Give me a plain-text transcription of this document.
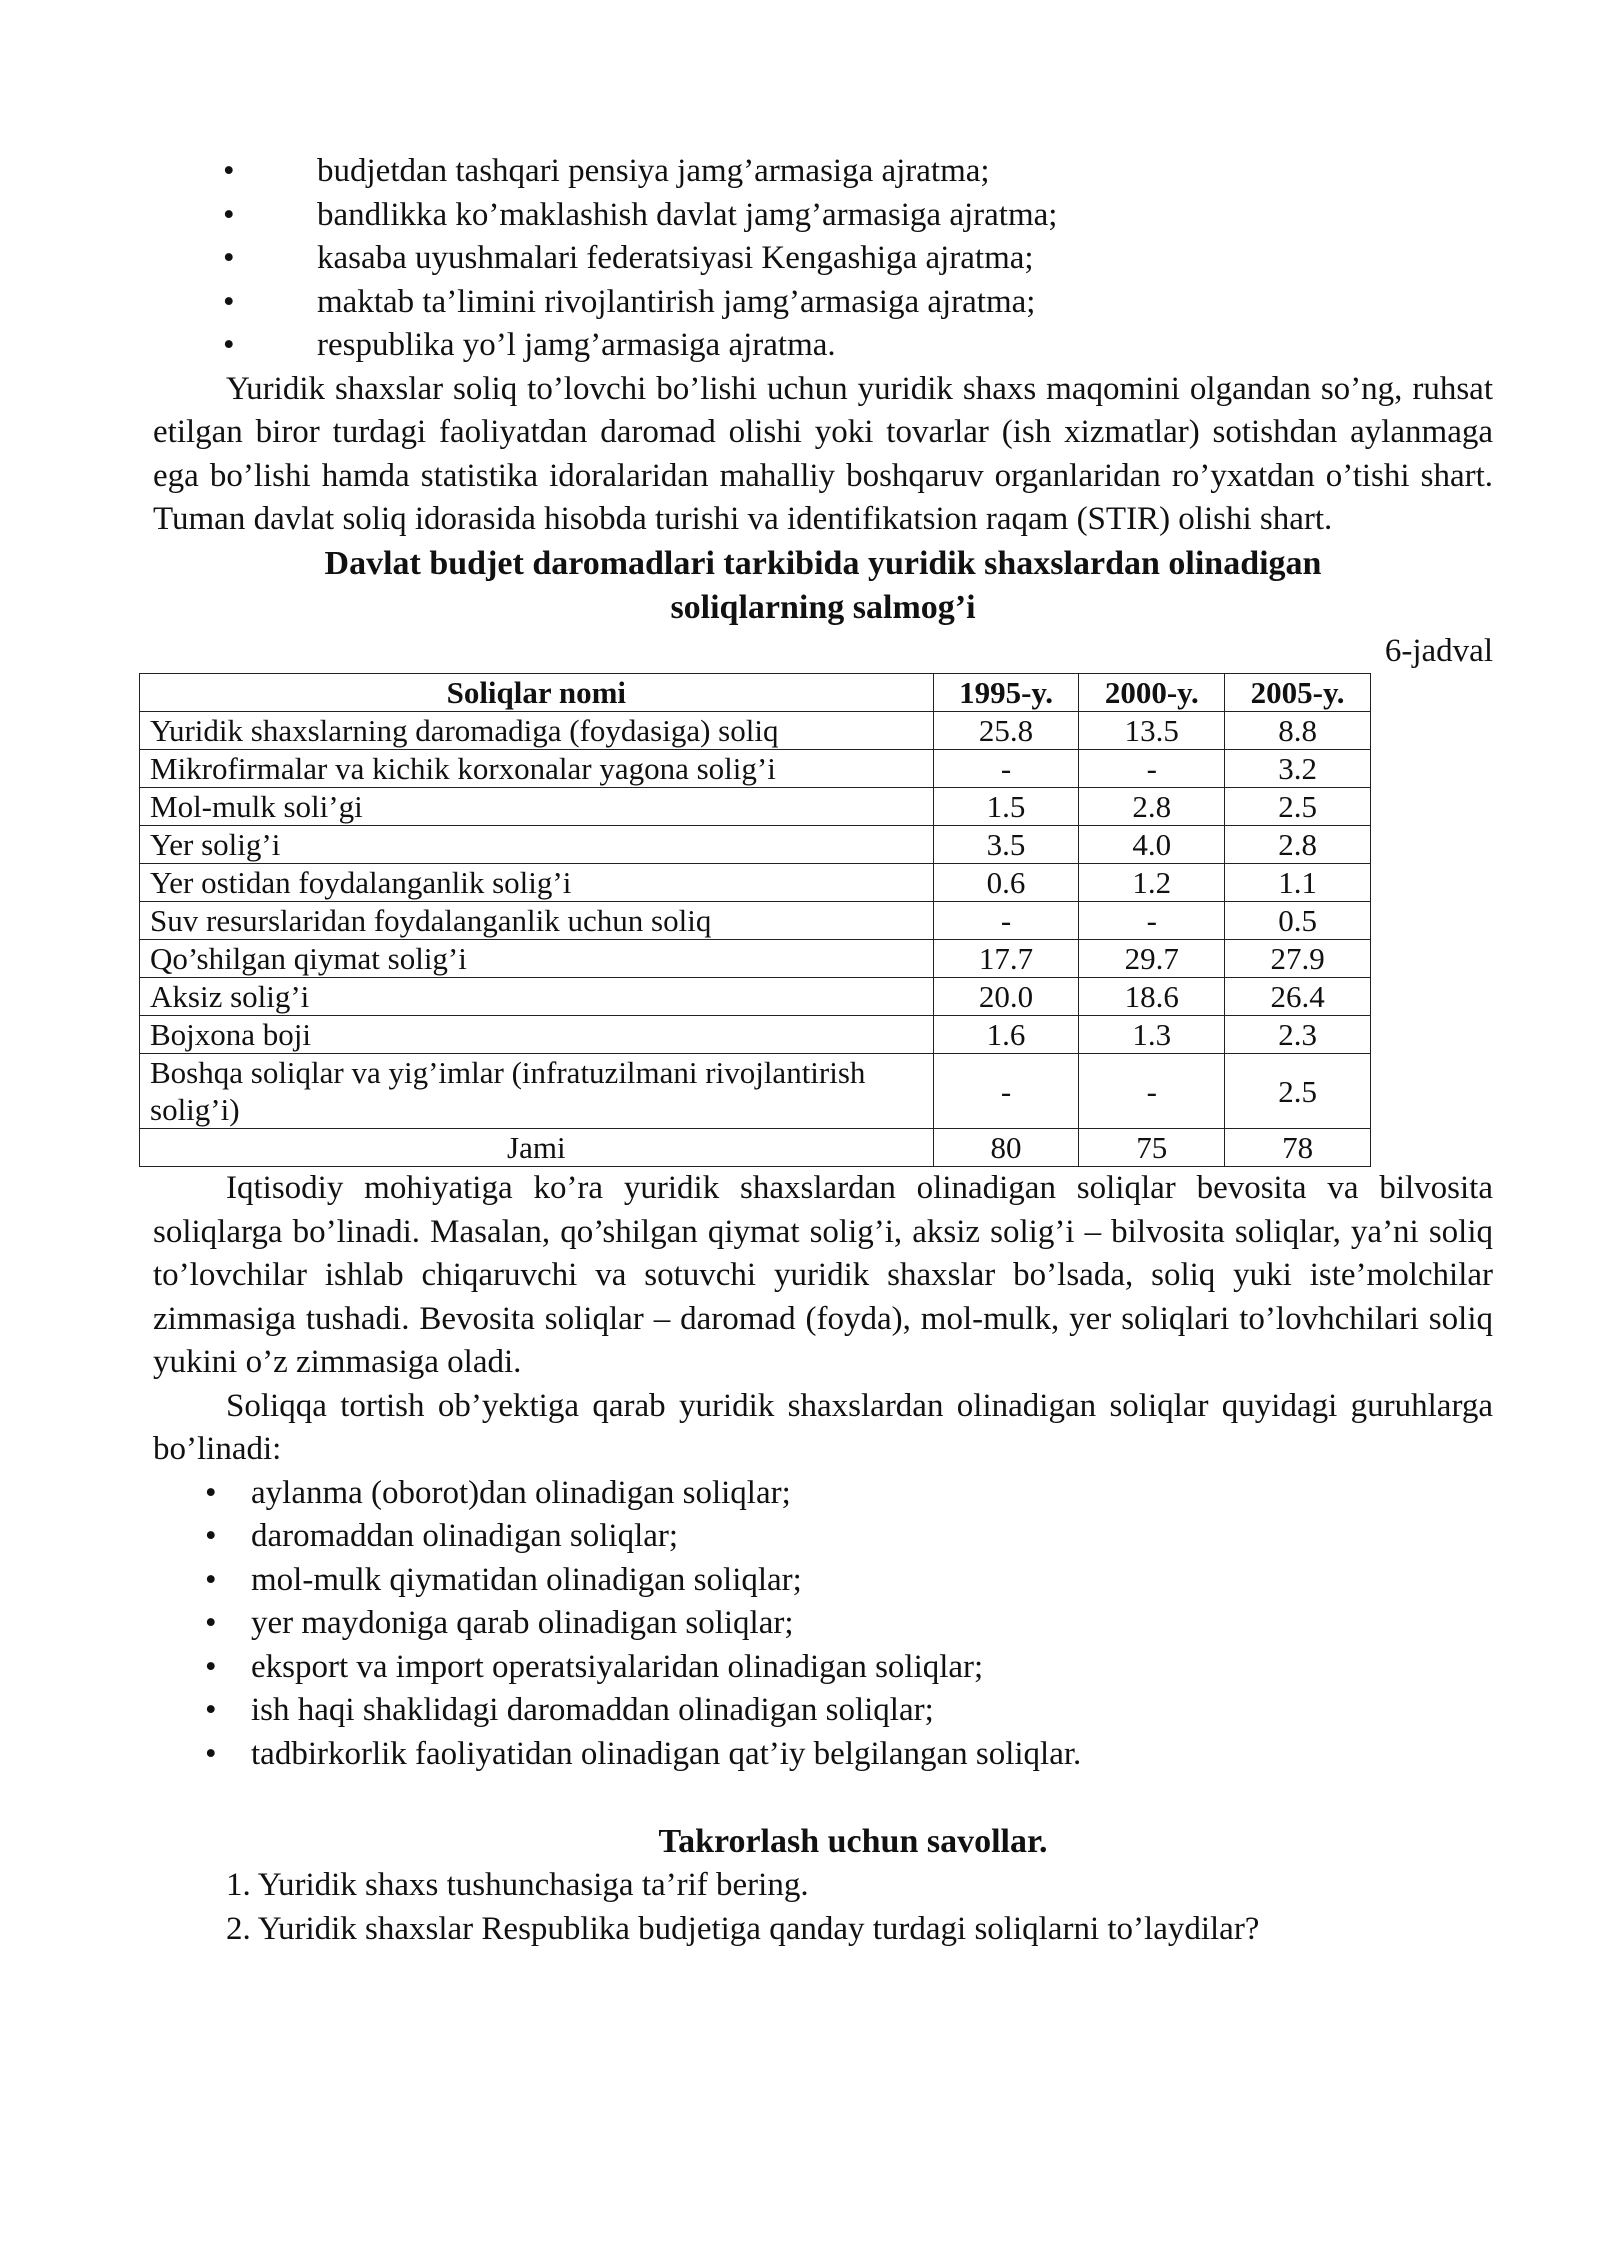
• budjetdan tashqari pensiya jamg’armasiga ajratma;
• bandlikka ko’maklashish davlat jamg’armasiga ajratma;
• kasaba uyushmalari federatsiyasi Kengashiga ajratma;
• maktab ta’limini rivojlantirish jamg’armasiga ajratma;
• respublika yo’l jamg’armasiga ajratma.

Yuridik shaxslar soliq to’lovchi bo’lishi uchun yuridik shaxs maqomini olgandan so’ng, ruhsat etilgan biror turdagi faoliyatdan daromad olishi yoki tovarlar (ish xizmatlar) sotishdan aylanmaga ega bo’lishi hamda statistika idoralaridan mahalliy boshqaruv organlaridan ro’yxatdan o’tishi shart. Tuman davlat soliq idorasida hisobda turishi va identifikatsion raqam (STIR) olishi shart.

Davlat budjet daromadlari tarkibida yuridik shaxslardan olinadigan
soliqlarning salmog’i
6-jadval
Soliqlar nomi	1995-y.	2000-y.	2005-y.
Yuridik shaxslarning daromadiga (foydasiga) soliq	25.8	13.5	8.8
Mikrofirmalar va kichik korxonalar yagona solig’i	-	-	3.2
Mol-mulk soli’gi	1.5	2.8	2.5
Yer solig’i	3.5	4.0	2.8
Yer ostidan foydalanganlik solig’i	0.6	1.2	1.1
Suv resurslaridan foydalanganlik uchun soliq	-	-	0.5
Qo’shilgan qiymat solig’i	17.7	29.7	27.9
Aksiz solig’i	20.0	18.6	26.4
Bojxona boji	1.6	1.3	2.3
Boshqa soliqlar va yig’imlar (infratuzilmani rivojlantirish solig’i)	-	-	2.5
Jami	80	75	78

Iqtisodiy mohiyatiga ko’ra yuridik shaxslardan olinadigan soliqlar bevosita va bilvosita soliqlarga bo’linadi. Masalan, qo’shilgan qiymat solig’i, aksiz solig’i – bilvosita soliqlar, ya’ni soliq to’lovchilar ishlab chiqaruvchi va sotuvchi yuridik shaxslar bo’lsada, soliq yuki iste’molchilar zimmasiga tushadi. Bevosita soliqlar – daromad (foyda), mol-mulk, yer soliqlari to’lovhchilari soliq yukini o’z zimmasiga oladi.

Soliqqa tortish ob’yektiga qarab yuridik shaxslardan olinadigan soliqlar quyidagi guruhlarga bo’linadi:

• aylanma (oborot)dan olinadigan soliqlar;
• daromaddan olinadigan soliqlar;
• mol-mulk qiymatidan olinadigan soliqlar;
• yer maydoniga qarab olinadigan soliqlar;
• eksport va import operatsiyalaridan olinadigan soliqlar;
• ish haqi shaklidagi daromaddan olinadigan soliqlar;
• tadbirkorlik faoliyatidan olinadigan qat’iy belgilangan soliqlar.
Takrorlash uchun savollar.
1. Yuridik shaxs tushunchasiga ta’rif bering.
2. Yuridik shaxslar Respublika budjetiga qanday turdagi soliqlarni to’laydilar?
